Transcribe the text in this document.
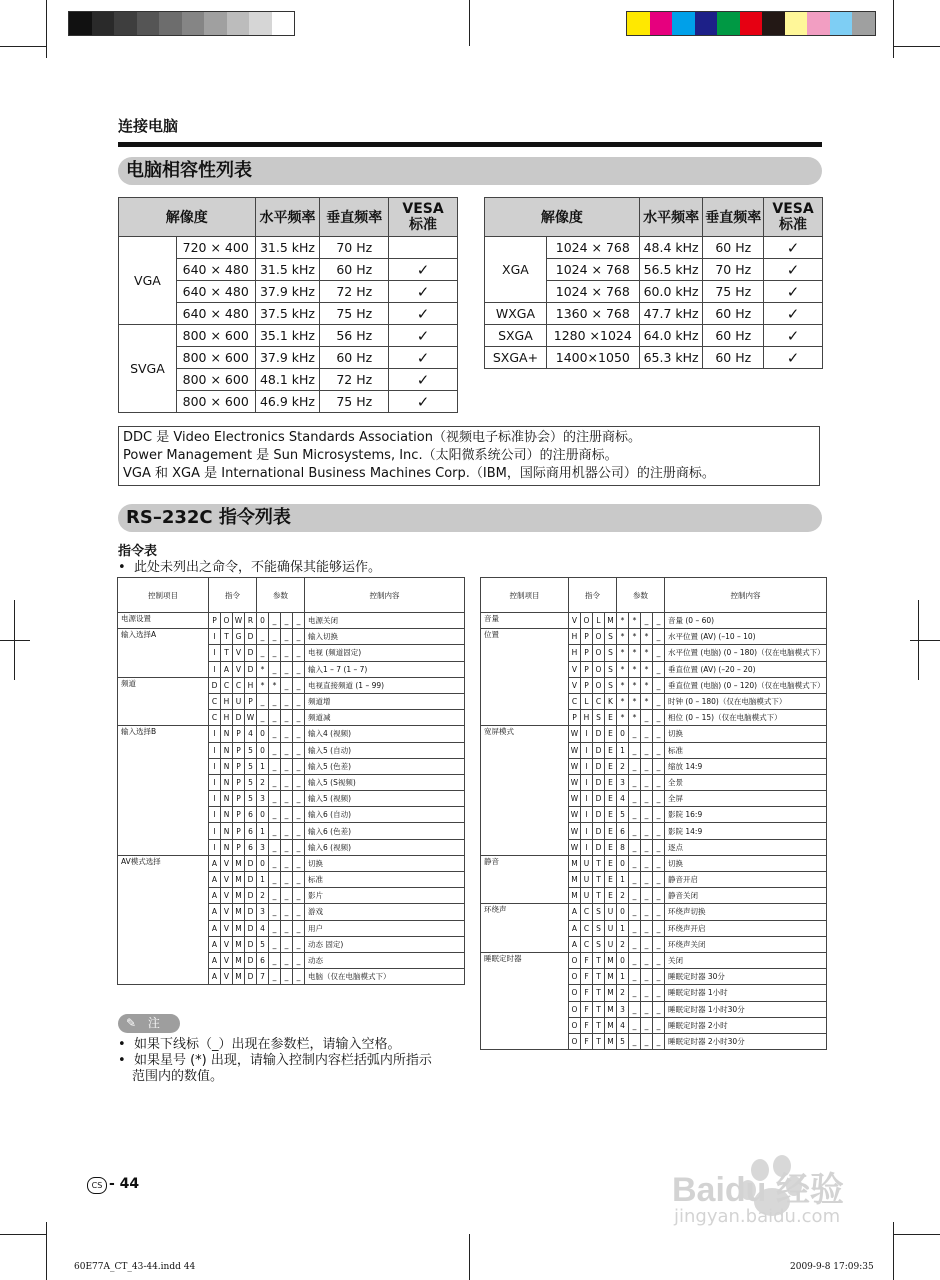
连接电脑
电脑相容性列表
解像度		水平频率	垂直频率	VESA
标准
VGA	720 × 400	31.5 kHz	70 Hz	
	640 × 480	31.5 kHz	60 Hz	✓
	640 × 480	37.9 kHz	72 Hz	✓
	640 × 480	37.5 kHz	75 Hz	✓
SVGA	800 × 600	35.1 kHz	56 Hz	✓
	800 × 600	37.9 kHz	60 Hz	✓
	800 × 600	48.1 kHz	72 Hz	✓
	800 × 600	46.9 kHz	75 Hz	✓
解像度		水平频率	垂直频率	VESA
标准
XGA	1024 × 768	48.4 kHz	60 Hz	✓
	1024 × 768	56.5 kHz	70 Hz	✓
	1024 × 768	60.0 kHz	75 Hz	✓
WXGA	1360 × 768	47.7 kHz	60 Hz	✓
SXGA	1280 ×1024	64.0 kHz	60 Hz	✓
SXGA+	1400×1050	65.3 kHz	60 Hz	✓
DDC 是 Video Electronics Standards Association（视频电子标准协会）的注册商标。
Power Management 是 Sun Microsystems, Inc.（太阳微系统公司）的注册商标。
VGA 和 XGA 是 International Business Machines Corp.（IBM，国际商用机器公司）的注册商标。
RS–232C 指令列表
指令表
•  此处未列出之命令，不能确保其能够运作。
控制项目	指令				参数				控制内容
电源设置	P	O	W	R	0	_	_	_	电源关闭
输入选择A	I	T	G	D	_	_	_	_	输入切换
	I	T	V	D	_	_	_	_	电视 (频道固定)
	I	A	V	D	*	_	_	_	输入1 – 7 (1 – 7)
频道	D	C	C	H	*	*	_	_	电视直接频道 (1 – 99)
	C	H	U	P	_	_	_	_	频道增
	C	H	D	W	_	_	_	_	频道减
输入选择B	I	N	P	4	0	_	_	_	输入4 (视频)
	I	N	P	5	0	_	_	_	输入5 (自动)
	I	N	P	5	1	_	_	_	输入5 (色差)
	I	N	P	5	2	_	_	_	输入5 (S视频)
	I	N	P	5	3	_	_	_	输入5 (视频)
	I	N	P	6	0	_	_	_	输入6 (自动)
	I	N	P	6	1	_	_	_	输入6 (色差)
	I	N	P	6	3	_	_	_	输入6 (视频)
AV模式选择	A	V	M	D	0	_	_	_	切换
	A	V	M	D	1	_	_	_	标准
	A	V	M	D	2	_	_	_	影片
	A	V	M	D	3	_	_	_	游戏
	A	V	M	D	4	_	_	_	用户
	A	V	M	D	5	_	_	_	动态 固定)
	A	V	M	D	6	_	_	_	动态
	A	V	M	D	7	_	_	_	电脑（仅在电脑模式下）
控制项目	指令				参数				控制内容
音量	V	O	L	M	*	*	_	_	音量 (0 – 60)
位置	H	P	O	S	*	*	*	_	水平位置 (AV) (–10 – 10)
	H	P	O	S	*	*	*	_	水平位置 (电脑) (0 – 180)（仅在电脑模式下）
	V	P	O	S	*	*	*	_	垂直位置 (AV) (–20 – 20)
	V	P	O	S	*	*	*	_	垂直位置 (电脑) (0 – 120)（仅在电脑模式下）
	C	L	C	K	*	*	*	_	时钟 (0 – 180)（仅在电脑模式下）
	P	H	S	E	*	*	_	_	相位 (0 – 15)（仅在电脑模式下）
宽屏模式	W	I	D	E	0	_	_	_	切换
	W	I	D	E	1	_	_	_	标准
	W	I	D	E	2	_	_	_	缩放 14:9
	W	I	D	E	3	_	_	_	全景
	W	I	D	E	4	_	_	_	全屏
	W	I	D	E	5	_	_	_	影院 16:9
	W	I	D	E	6	_	_	_	影院 14:9
	W	I	D	E	8	_	_	_	逐点
静音	M	U	T	E	0	_	_	_	切换
	M	U	T	E	1	_	_	_	静音开启
	M	U	T	E	2	_	_	_	静音关闭
环绕声	A	C	S	U	0	_	_	_	环绕声切换
	A	C	S	U	1	_	_	_	环绕声开启
	A	C	S	U	2	_	_	_	环绕声关闭
睡眠定时器	O	F	T	M	0	_	_	_	关闭
	O	F	T	M	1	_	_	_	睡眠定时器 30分
	O	F	T	M	2	_	_	_	睡眠定时器 1小时
	O	F	T	M	3	_	_	_	睡眠定时器 1小时30分
	O	F	T	M	4	_	_	_	睡眠定时器 2小时
	O	F	T	M	5	_	_	_	睡眠定时器 2小时30分
✎ 注
•  如果下线标（_）出现在参数栏，请输入空格。
• 如果星号 (*) 出现，请输入控制内容栏括弧内所指示
范围内的数值。
CS - 44	Baidu 经验
jingyan.baidu.com
60E77A_CT_43-44.indd 44	2009-9-8 17:09:35
